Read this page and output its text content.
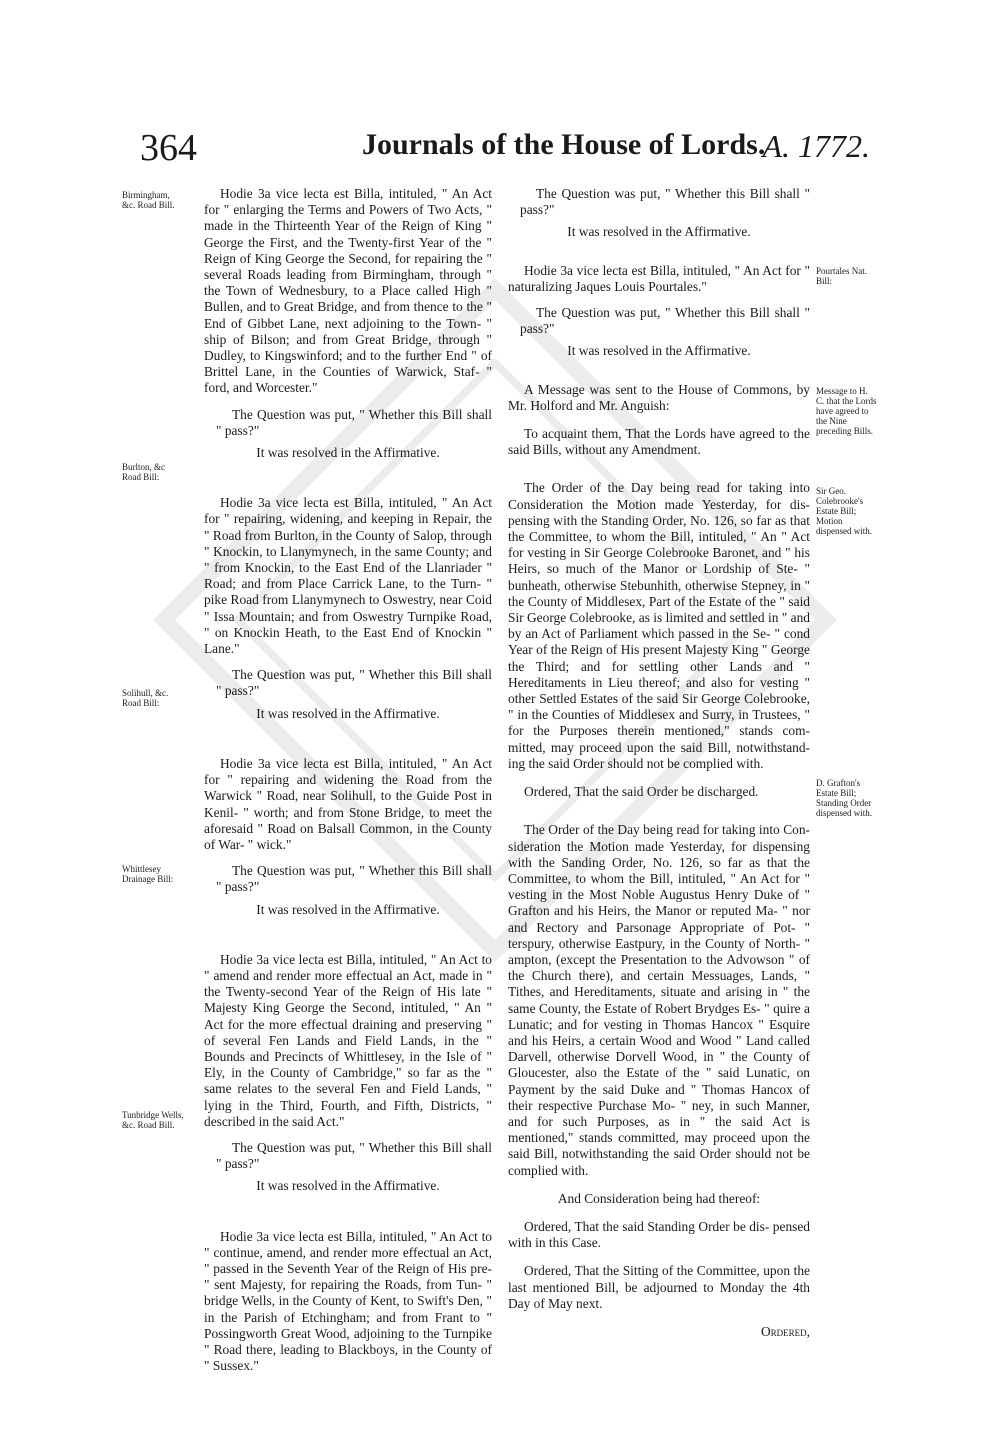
364	Journals of the House of Lords.
A. 1772.
Birmingham, &c. Road Bill.
Burlton, &c Road Bill:
Solihull, &c. Road Bill:
Whittlesey Drainage Bill:
Tunbridge Wells, &c. Road Bill.
Pourtales Nat. Bill:
Message to H. C. that the Lords have agreed to the Nine preceding Bills.
Sir Geo. Colebrooke's Estate Bill; Motion dispensed with.
D. Grafton's Estate Bill; Standing Order dispensed with.

Hodie 3a vice lecta est Billa, intituled, " An Act for " enlarging the Terms and Powers of Two Acts, " made in the Thirteenth Year of the Reign of King " George the First, and the Twenty-first Year of the " Reign of King George the Second, for repairing the " several Roads leading from Birmingham, through " the Town of Wednesbury, to a Place called High " Bullen, and to Great Bridge, and from thence to the " End of Gibbet Lane, next adjoining to the Town- " ship of Bilson; and from Great Bridge, through " Dudley, to Kingswinford; and to the further End " of Brittel Lane, in the Counties of Warwick, Staf- " ford, and Worcester."

The Question was put, " Whether this Bill shall " pass?"

It was resolved in the Affirmative.

Hodie 3a vice lecta est Billa, intituled, " An Act for " repairing, widening, and keeping in Repair, the " Road from Burlton, in the County of Salop, through " Knockin, to Llanymynech, in the same County; and " from Knockin, to the East End of the Llanriader " Road; and from Place Carrick Lane, to the Turn- " pike Road from Llanymynech to Oswestry, near Coid " Issa Mountain; and from Oswestry Turnpike Road, " on Knockin Heath, to the East End of Knockin " Lane."

The Question was put, " Whether this Bill shall " pass?"

It was resolved in the Affirmative.

Hodie 3a vice lecta est Billa, intituled, " An Act for " repairing and widening the Road from the Warwick " Road, near Solihull, to the Guide Post in Kenil- " worth; and from Stone Bridge, to meet the aforesaid " Road on Balsall Common, in the County of War- " wick."

The Question was put, " Whether this Bill shall " pass?"

It was resolved in the Affirmative.

Hodie 3a vice lecta est Billa, intituled, " An Act to " amend and render more effectual an Act, made in " the Twenty-second Year of the Reign of His late " Majesty King George the Second, intituled, " An " Act for the more effectual draining and preserving " of several Fen Lands and Field Lands, in the " Bounds and Precincts of Whittlesey, in the Isle of " Ely, in the County of Cambridge," so far as the " same relates to the several Fen and Field Lands, " lying in the Third, Fourth, and Fifth, Districts, " described in the said Act."

The Question was put, " Whether this Bill shall " pass?"

It was resolved in the Affirmative.

Hodie 3a vice lecta est Billa, intituled, " An Act to " continue, amend, and render more effectual an Act, " passed in the Seventh Year of the Reign of His pre- " sent Majesty, for repairing the Roads, from Tun- " bridge Wells, in the County of Kent, to Swift's Den, " in the Parish of Etchingham; and from Frant to " Possingworth Great Wood, adjoining to the Turnpike " Road there, leading to Blackboys, in the County of " Sussex."

The Question was put, " Whether this Bill shall " pass?"

It was resolved in the Affirmative.

Hodie 3a vice lecta est Billa, intituled, " An Act for " naturalizing Jaques Louis Pourtales."

The Question was put, " Whether this Bill shall " pass?"

It was resolved in the Affirmative.

A Message was sent to the House of Commons, by Mr. Holford and Mr. Anguish:

To acquaint them, That the Lords have agreed to the said Bills, without any Amendment.

The Order of the Day being read for taking into Consideration the Motion made Yesterday, for dis- pensing with the Standing Order, No. 126, so far as that the Committee, to whom the Bill, intituled, " An " Act for vesting in Sir George Colebrooke Baronet, and " his Heirs, so much of the Manor or Lordship of Ste- " bunheath, otherwise Stebunhith, otherwise Stepney, in " the County of Middlesex, Part of the Estate of the " said Sir George Colebrooke, as is limited and settled in " and by an Act of Parliament which passed in the Se- " cond Year of the Reign of His present Majesty King " George the Third; and for settling other Lands and " Hereditaments in Lieu thereof; and also for vesting " other Settled Estates of the said Sir George Colebrooke, " in the Counties of Middlesex and Surry, in Trustees, " for the Purposes therein mentioned," stands com- mitted, may proceed upon the said Bill, notwithstand- ing the said Order should not be complied with.

Ordered, That the said Order be discharged.

The Order of the Day being read for taking into Con- sideration the Motion made Yesterday, for dispensing with the Sanding Order, No. 126, so far as that the Committee, to whom the Bill, intituled, " An Act for " vesting in the Most Noble Augustus Henry Duke of " Grafton and his Heirs, the Manor or reputed Ma- " nor and Rectory and Parsonage Appropriate of Pot- " terspury, otherwise Eastpury, in the County of North- " ampton, (except the Presentation to the Advowson " of the Church there), and certain Messuages, Lands, " Tithes, and Hereditaments, situate and arising in " the same County, the Estate of Robert Brydges Es- " quire a Lunatic; and for vesting in Thomas Hancox " Esquire and his Heirs, a certain Wood and Wood " Land called Darvell, otherwise Dorvell Wood, in " the County of Gloucester, also the Estate of the " said Lunatic, on Payment by the said Duke and " Thomas Hancox of their respective Purchase Mo- " ney, in such Manner, and for such Purposes, as in " the said Act is mentioned," stands committed, may proceed upon the said Bill, notwithstanding the said Order should not be complied with.

And Consideration being had thereof:

Ordered, That the said Standing Order be dis- pensed with in this Case.

Ordered, That the Sitting of the Committee, upon the last mentioned Bill, be adjourned to Monday the 4th Day of May next.

Ordered,
